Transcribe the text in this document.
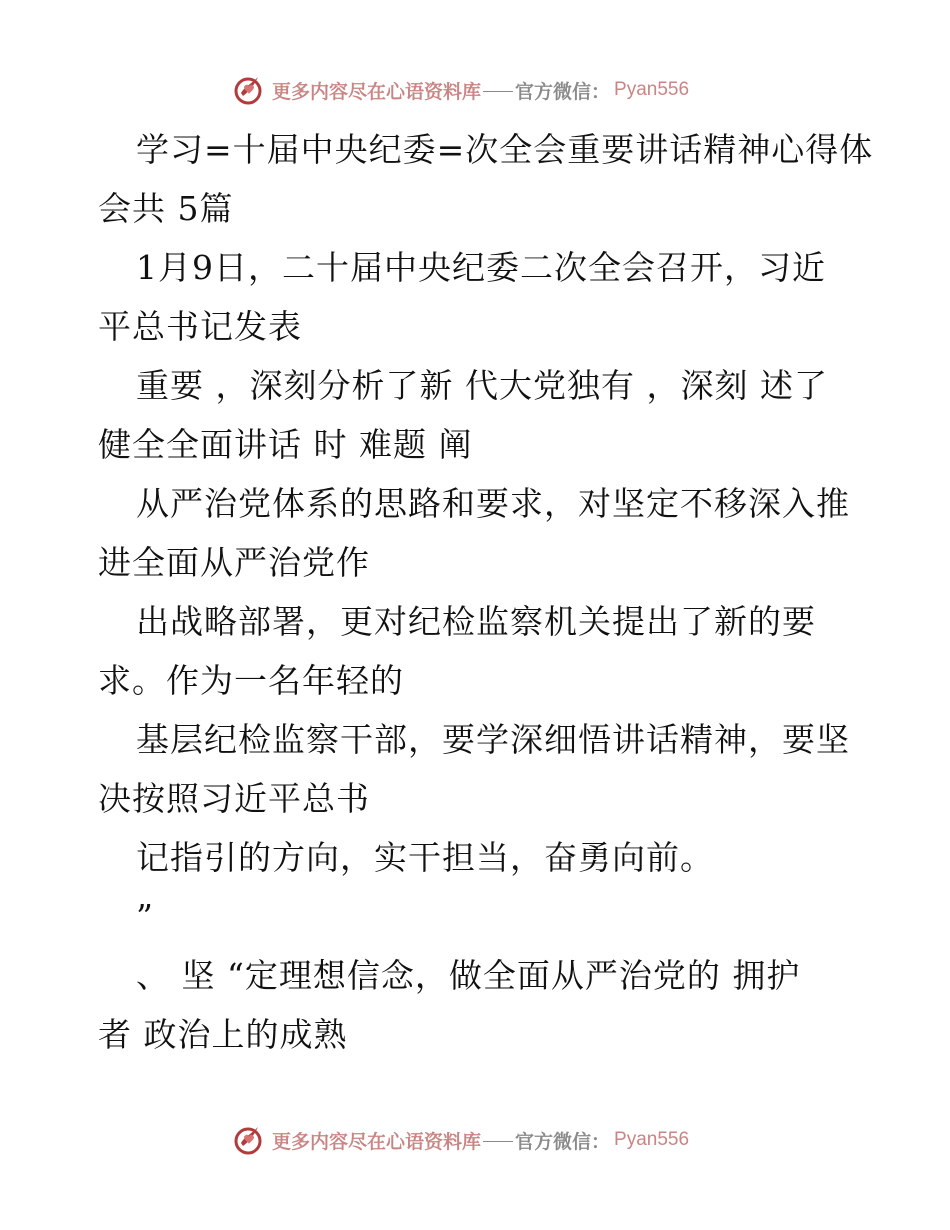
更多内容尽在心语资料库 官方微信： Pyan556
学习=十届中央纪委=次全会重要讲话精神心得体
会共 5篇
1月9日，二十届中央纪委二次全会召开，习近
平总书记发表
重要 ，深刻分析了新 代大党独有 ，深刻 述了
健全全面讲话 时 难题 阐
从严治党体系的思路和要求，对坚定不移深入推
进全面从严治党作
出战略部署，更对纪检监察机关提出了新的要
求。作为一名年轻的
基层纪检监察干部，要学深细悟讲话精神，要坚
决按照习近平总书
记指引的方向，实干担当，奋勇向前。
”
、 坚 “定理想信念，做全面从严治党的 拥护
者 政治上的成熟
更多内容尽在心语资料库 官方微信： Pyan556
